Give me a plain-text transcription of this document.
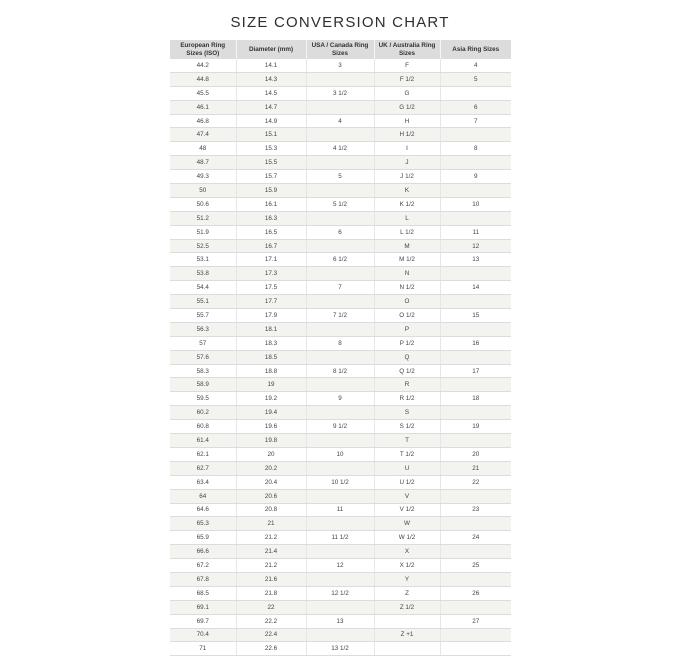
SIZE CONVERSION CHART
European Ring Sizes (ISO)	Diameter (mm)	USA / Canada Ring Sizes	UK / Australia Ring Sizes	Asia Ring Sizes
44.2	14.1	3	F	4
44.8	14.3		F 1/2	5
45.5	14.5	3 1/2	G	
46.1	14.7		G 1/2	6
46.8	14.9	4	H	7
47.4	15.1		H 1/2	
48	15.3	4 1/2	I	8
48.7	15.5		J	
49.3	15.7	5	J 1/2	9
50	15.9		K	
50.6	16.1	5 1/2	K 1/2	10
51.2	16.3		L	
51.9	16.5	6	L 1/2	11
52.5	16.7		M	12
53.1	17.1	6 1/2	M 1/2	13
53.8	17.3		N	
54.4	17.5	7	N 1/2	14
55.1	17.7		O	
55.7	17.9	7 1/2	O 1/2	15
56.3	18.1		P	
57	18.3	8	P 1/2	16
57.6	18.5		Q	
58.3	18.8	8 1/2	Q 1/2	17
58.9	19		R	
59.5	19.2	9	R 1/2	18
60.2	19.4		S	
60.8	19.6	9 1/2	S 1/2	19
61.4	19.8		T	
62.1	20	10	T 1/2	20
62.7	20.2		U	21
63.4	20.4	10 1/2	U 1/2	22
64	20.6		V	
64.6	20.8	11	V 1/2	23
65.3	21		W	
65.9	21.2	11 1/2	W 1/2	24
66.6	21.4		X	
67.2	21.2	12	X 1/2	25
67.8	21.6		Y	
68.5	21.8	12 1/2	Z	26
69.1	22		Z 1/2	
69.7	22.2	13		27
70.4	22.4		Z +1	
71	22.6	13 1/2		
